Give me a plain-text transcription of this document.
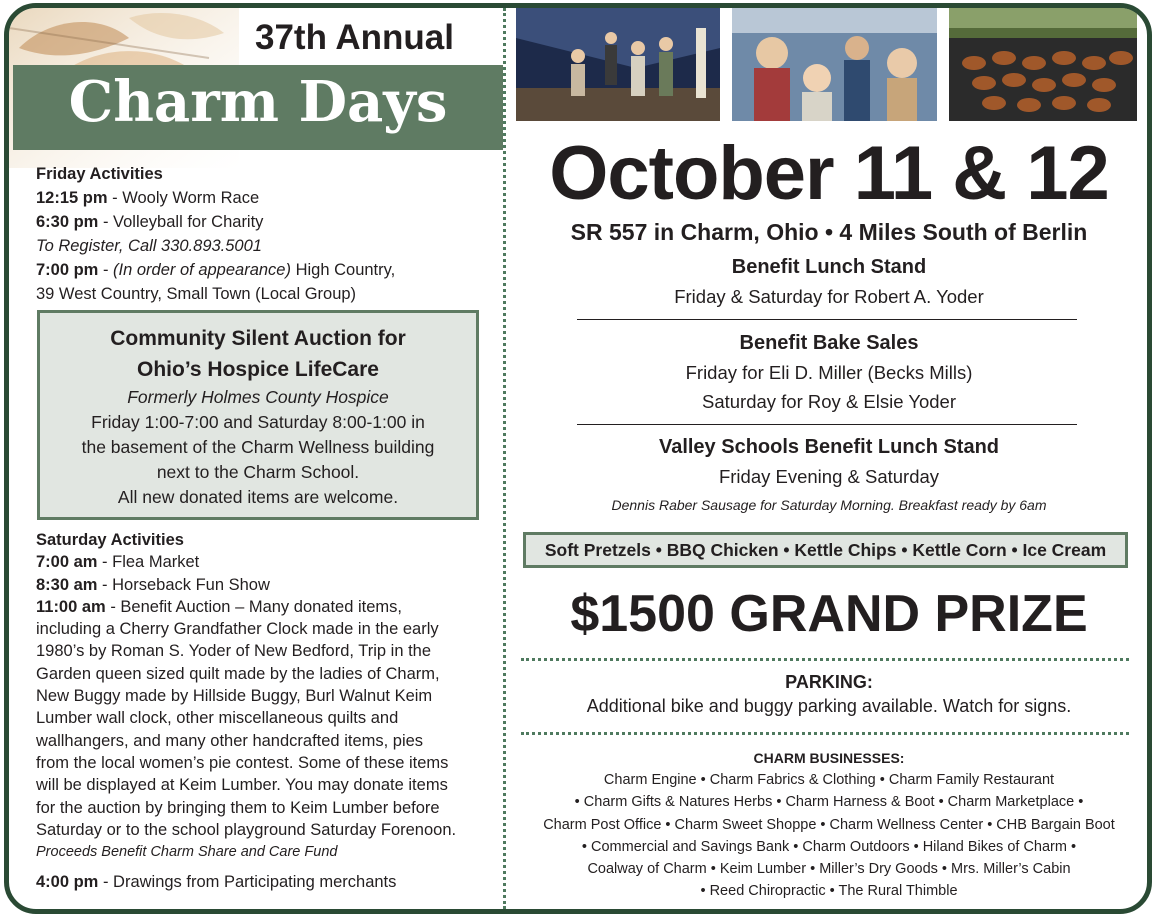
37th Annual
Charm Days
Friday Activities
12:15 pm - Wooly Worm Race
6:30 pm - Volleyball for Charity
To Register, Call 330.893.5001
7:00 pm - (In order of appearance) High Country,
39 West Country, Small Town (Local Group)
Community Silent Auction for
Ohio’s Hospice LifeCare
Formerly Holmes County Hospice
Friday 1:00-7:00 and Saturday 8:00-1:00 in
the basement of the Charm Wellness building
next to the Charm School.
All new donated items are welcome.
Saturday Activities
7:00 am - Flea Market
8:30 am - Horseback Fun Show
11:00 am - Benefit Auction – Many donated items,
including a Cherry Grandfather Clock made in the early
1980’s by Roman S. Yoder of New Bedford, Trip in the
Garden queen sized quilt made by the ladies of Charm,
New Buggy made by Hillside Buggy, Burl Walnut Keim
Lumber wall clock, other miscellaneous quilts and
wallhangers, and many other handcrafted items, pies
from the local women’s pie contest. Some of these items
will be displayed at Keim Lumber. You may donate items
for the auction by bringing them to Keim Lumber before
Saturday or to the school playground Saturday Forenoon.
Proceeds Benefit Charm Share and Care Fund
4:00 pm - Drawings from Participating merchants
October 11 & 12
SR 557 in Charm, Ohio • 4 Miles South of Berlin
Benefit Lunch Stand
Friday & Saturday for Robert A. Yoder
Benefit Bake Sales
Friday for Eli D. Miller (Becks Mills)
Saturday for Roy & Elsie Yoder
Valley Schools Benefit Lunch Stand
Friday Evening & Saturday
Dennis Raber Sausage for Saturday Morning. Breakfast ready by 6am
Soft Pretzels • BBQ Chicken • Kettle Chips • Kettle Corn • Ice Cream
$1500 GRAND PRIZE
PARKING:
Additional bike and buggy parking available. Watch for signs.
CHARM BUSINESSES:
Charm Engine • Charm Fabrics & Clothing • Charm Family Restaurant
• Charm Gifts & Natures Herbs • Charm Harness & Boot • Charm Marketplace •
Charm Post Office • Charm Sweet Shoppe • Charm Wellness Center • CHB Bargain Boot
• Commercial and Savings Bank • Charm Outdoors • Hiland Bikes of Charm •
Coalway of Charm • Keim Lumber • Miller’s Dry Goods • Mrs. Miller’s Cabin
• Reed Chiropractic • The Rural Thimble
